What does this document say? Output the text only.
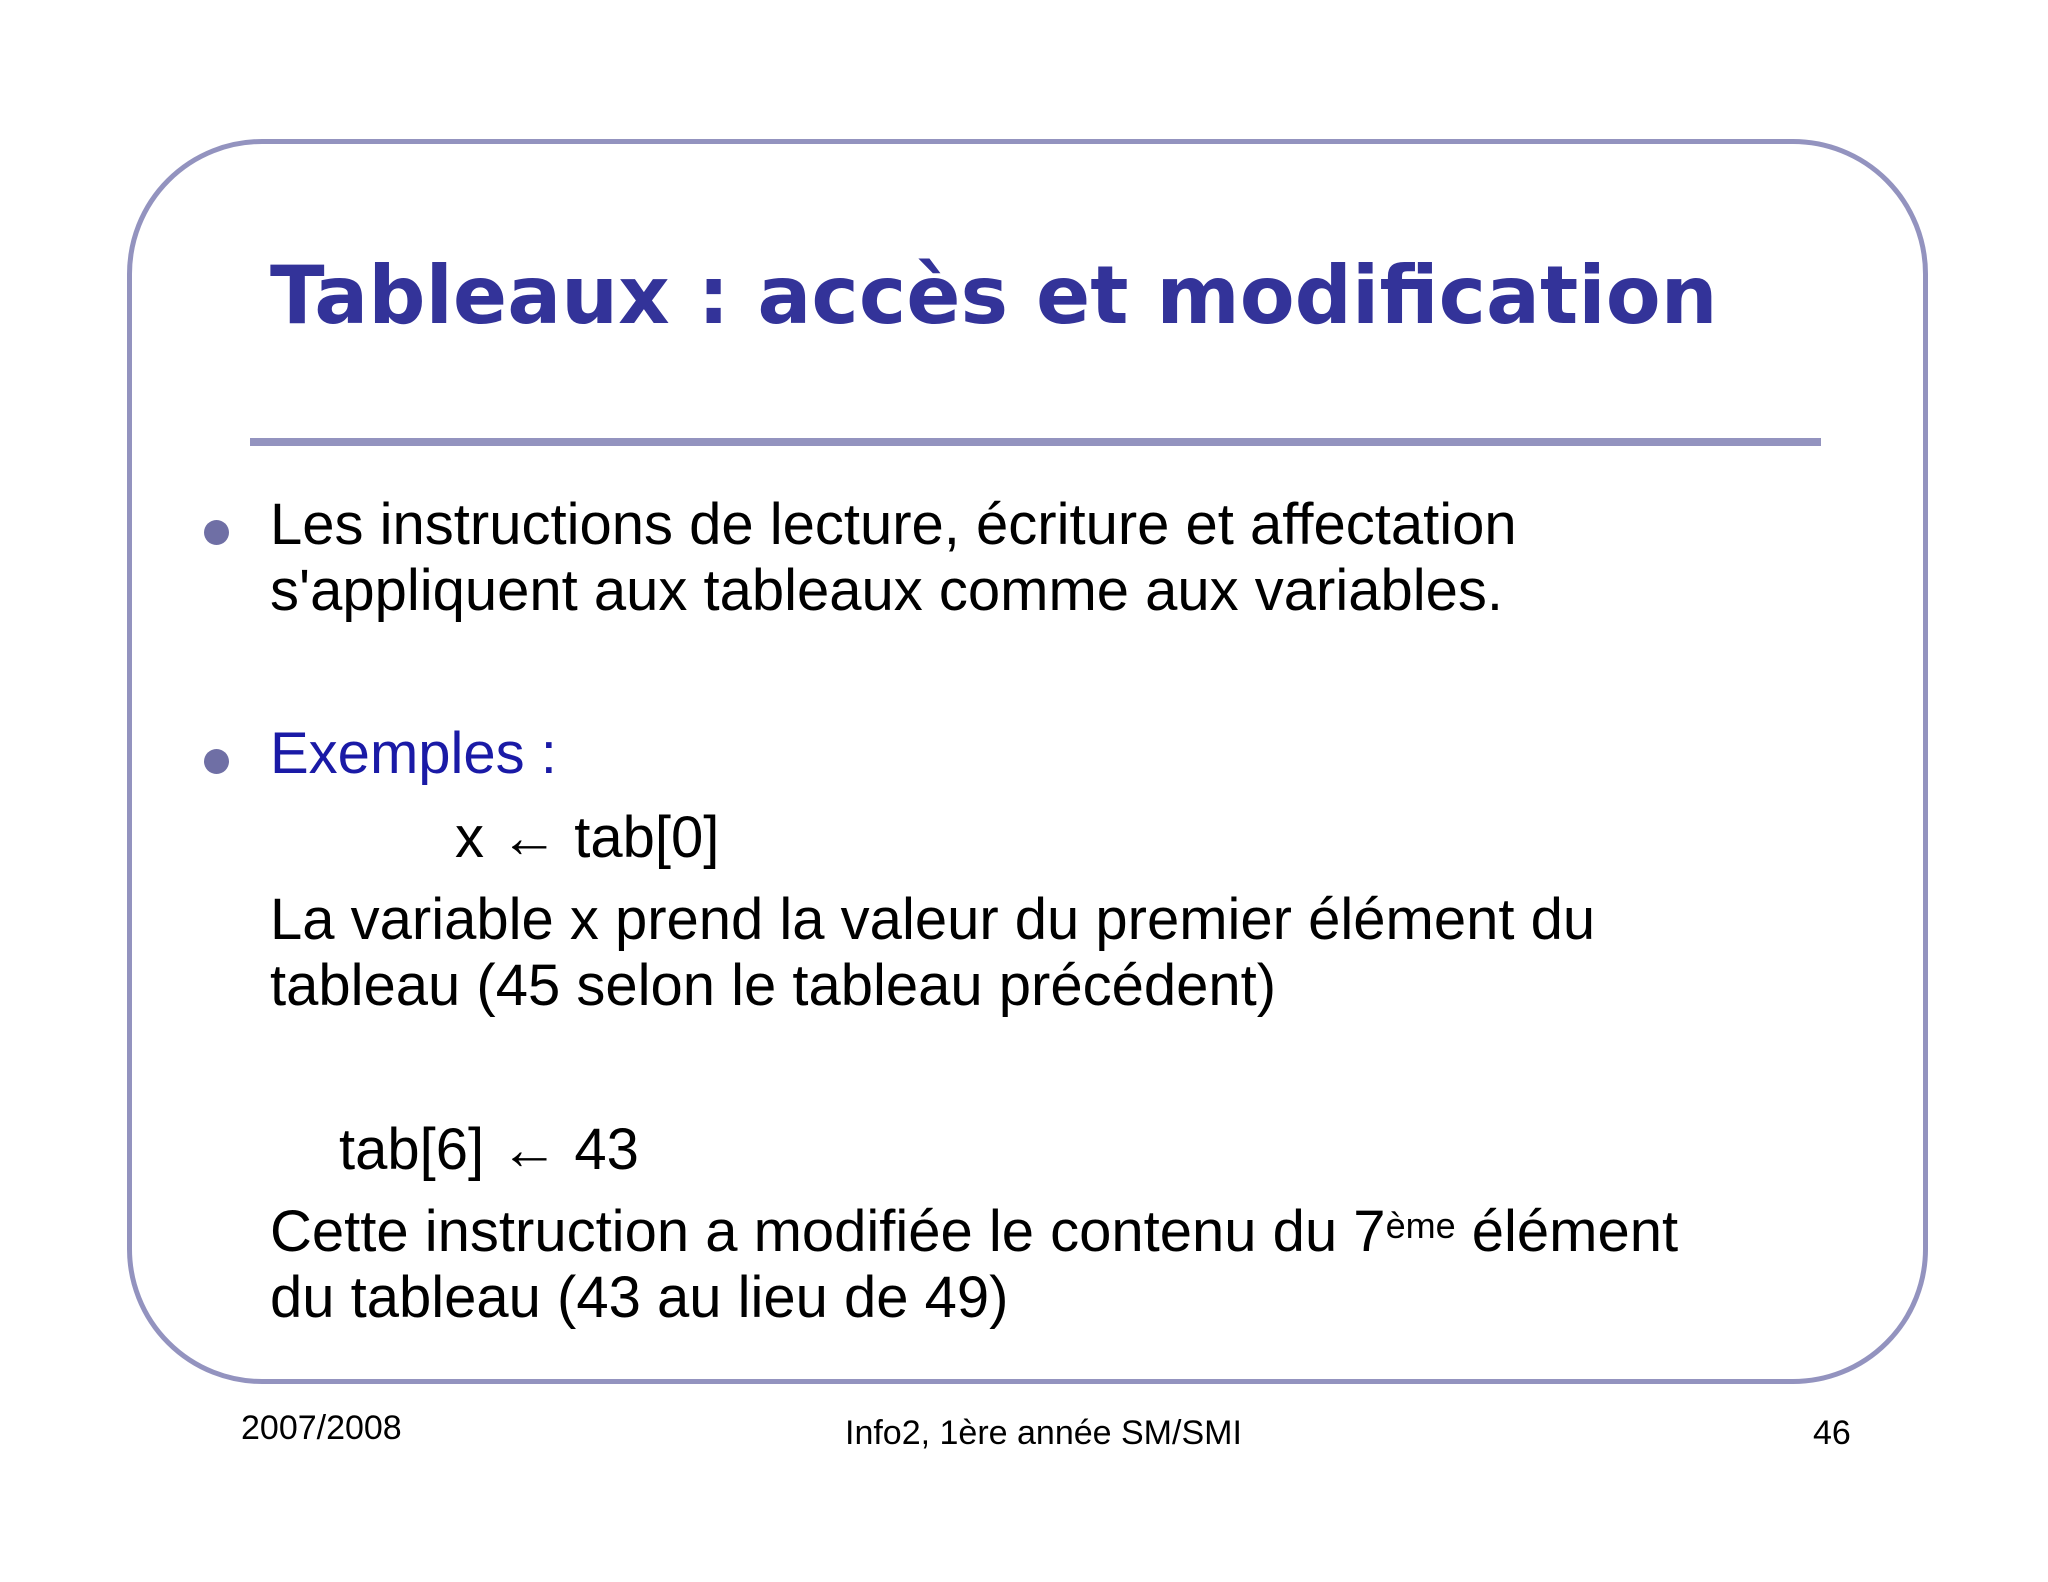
Tableaux : accès et modification

Les instructions de lecture, écriture et affectation

s'appliquent aux tableaux comme aux variables.

Exemples :

x ← tab[0]

La variable x prend la valeur du premier élément du

tableau (45 selon le tableau précédent)

tab[6] ← 43

Cette instruction a modifiée le contenu du 7ème élément

du tableau (43 au lieu de 49)

2007/2008	Info2, 1ère année SM/SMI	46
